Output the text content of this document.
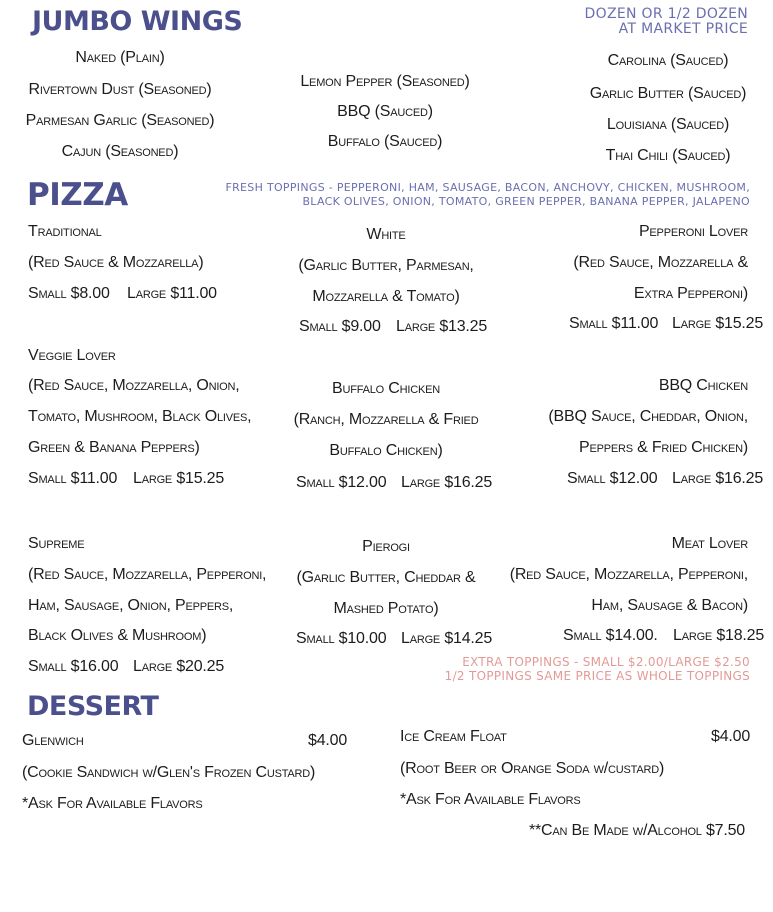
JUMBO WINGS	DOZEN OR 1/2 DOZEN
AT MARKET PRICE
Naked (Plain)
Rivertown Dust (Seasoned)
Parmesan Garlic (Seasoned)
Cajun (Seasoned)
Lemon Pepper (Seasoned)
BBQ (Sauced)
Buffalo (Sauced)
Carolina (Sauced)
Garlic Butter (Sauced)
Louisiana (Sauced)
Thai Chili (Sauced)
PIZZA	FRESH TOPPINGS - PEPPERONI, HAM, SAUSAGE, BACON, ANCHOVY, CHICKEN, MUSHROOM,
BLACK OLIVES, ONION, TOMATO, GREEN PEPPER, BANANA PEPPER, JALAPENO
Traditional
(Red Sauce & Mozzarella)
Small $8.00 Large $11.00
White
(Garlic Butter, Parmesan,
Mozzarella & Tomato)
Small $9.00 Large $13.25
Pepperoni Lover
(Red Sauce, Mozzarella &
Extra Pepperoni)
Small $11.00 Large $15.25
Veggie Lover
(Red Sauce, Mozzarella, Onion,
Tomato, Mushroom, Black Olives,
Green & Banana Peppers)
Small $11.00 Large $15.25
Buffalo Chicken
(Ranch, Mozzarella & Fried
Buffalo Chicken)
Small $12.00 Large $16.25
BBQ Chicken
(BBQ Sauce, Cheddar, Onion,
Peppers & Fried Chicken)
Small $12.00 Large $16.25
Supreme
(Red Sauce, Mozzarella, Pepperoni,
Ham, Sausage, Onion, Peppers,
Black Olives & Mushroom)
Small $16.00 Large $20.25
Pierogi
(Garlic Butter, Cheddar &
Mashed Potato)
Small $10.00 Large $14.25
Meat Lover
(Red Sauce, Mozzarella, Pepperoni,
Ham, Sausage & Bacon)
Small $14.00. Large $18.25
EXTRA TOPPINGS - SMALL $2.00/LARGE $2.50
1/2 TOPPINGS SAME PRICE AS WHOLE TOPPINGS
DESSERT
Glenwich	$4.00
(Cookie Sandwich w/Glen's Frozen Custard)
*Ask For Available Flavors
Ice Cream Float	$4.00
(Root Beer or Orange Soda w/custard)
*Ask For Available Flavors
**Can Be Made w/Alcohol $7.50
